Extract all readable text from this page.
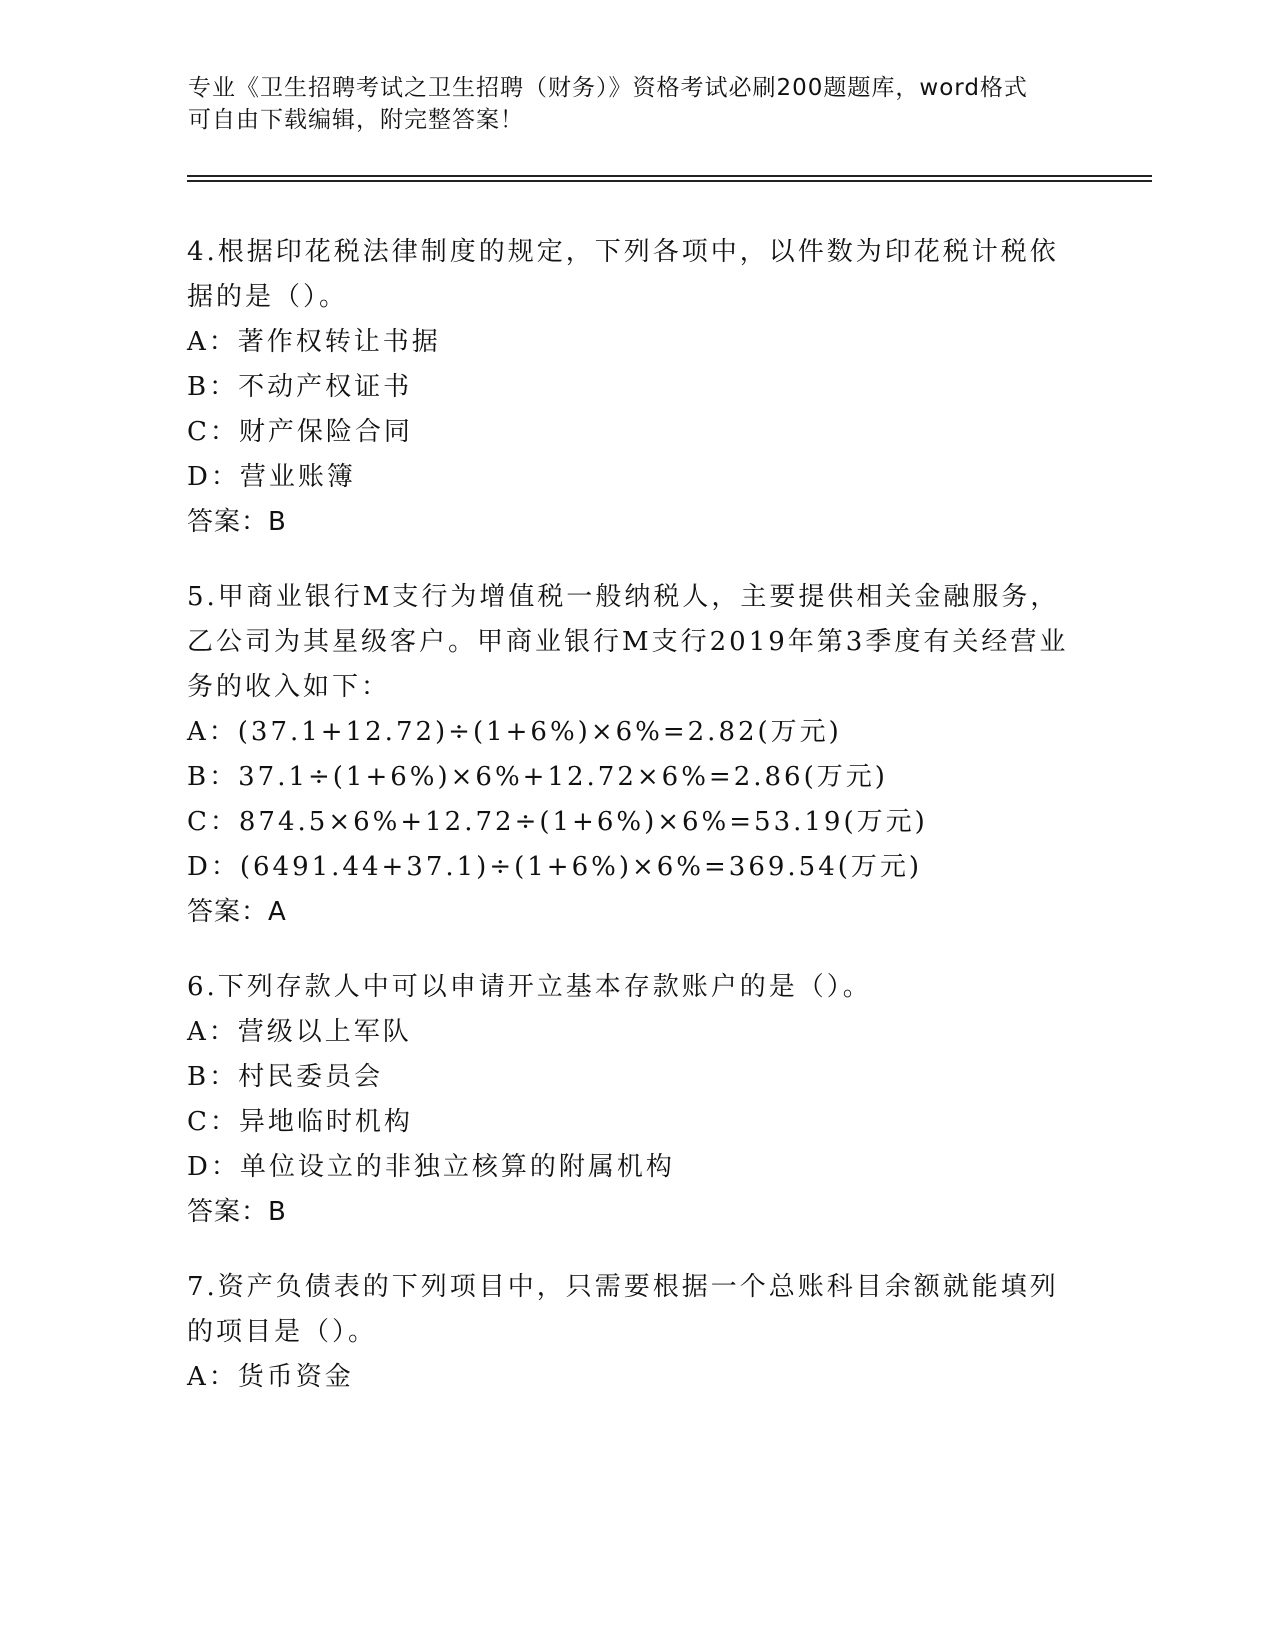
专业《卫生招聘考试之卫生招聘（财务）》资格考试必刷200题题库，word格式
可自由下载编辑，附完整答案！

4.根据印花税法律制度的规定，下列各项中，以件数为印花税计税依

据的是（）。

A：著作权转让书据

B：不动产权证书

C：财产保险合同

D：营业账簿

答案：B

5.甲商业银行M支行为增值税一般纳税人，主要提供相关金融服务，

乙公司为其星级客户。甲商业银行M支行2019年第3季度有关经营业

务的收入如下：

A：(37.1+12.72)÷(1+6%)×6%=2.82(万元)

B：37.1÷(1+6%)×6%+12.72×6%=2.86(万元)

C：874.5×6%+12.72÷(1+6%)×6%=53.19(万元)

D：(6491.44+37.1)÷(1+6%)×6%=369.54(万元)

答案：A

6.下列存款人中可以申请开立基本存款账户的是（）。

A：营级以上军队

B：村民委员会

C：异地临时机构

D：单位设立的非独立核算的附属机构

答案：B

7.资产负债表的下列项目中，只需要根据一个总账科目余额就能填列

的项目是（）。

A：货币资金
